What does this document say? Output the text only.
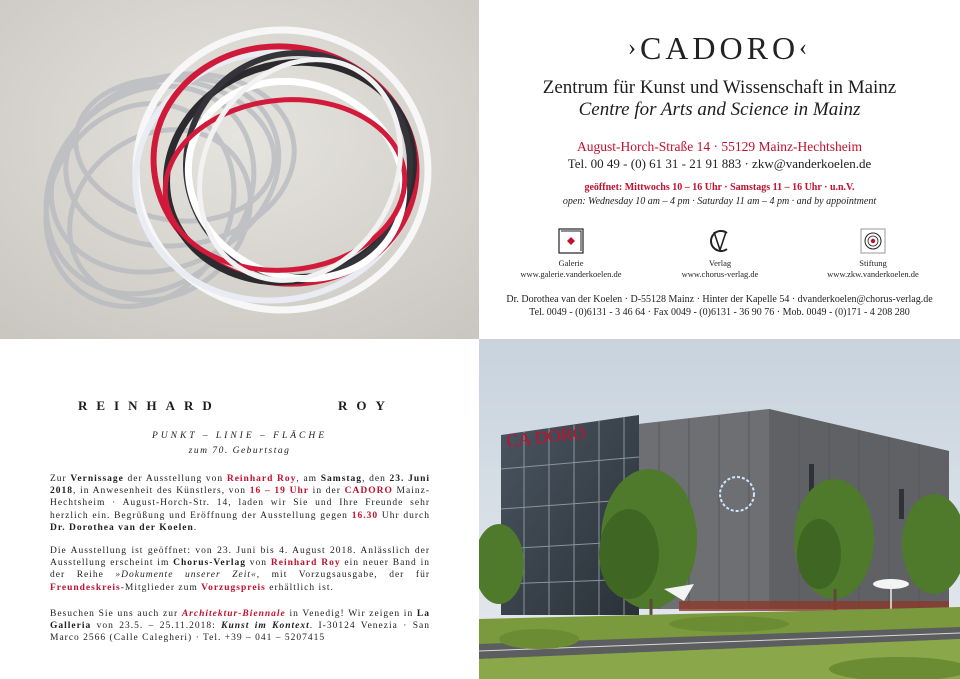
›CADORO‹
Zentrum für Kunst und Wissenschaft in Mainz
Centre for Arts and Science in Mainz
August-Horch-Straße 14 · 55129 Mainz-Hechtsheim
Tel. 00 49 - (0) 61 31 - 21 91 883 · zkw@vanderkoelen.de
geöffnet: Mittwochs 10 – 16 Uhr · Samstags 11 – 16 Uhr · u.n.V.
open: Wednesday 10 am – 4 pm · Saturday 11 am – 4 pm · and by appointment
Galerie
www.galerie.vanderkoelen.de
Verlag
www.chorus-verlag.de
Stiftung
www.zkw.vanderkoelen.de
Dr. Dorothea van der Koelen · D-55128 Mainz · Hinter der Kapelle 54 · dvanderkoelen@chorus-verlag.de
Tel. 0049 - (0)6131 - 3 46 64 · Fax 0049 - (0)6131 - 36 90 76 · Mob. 0049 - (0)171 - 4 208 280
REINHARD	ROY
PUNKT – LINIE – FLÄCHE
zum 70. Geburtstag
Zur Vernissage der Ausstellung von Reinhard Roy, am Samstag, den 23. Juni 2018, in Anwesenheit des Künstlers, von 16 – 19 Uhr in der CADORO Mainz-Hechtsheim · August-Horch-Str. 14, laden wir Sie und Ihre Freunde sehr herzlich ein. Begrüßung und Eröffnung der Ausstellung gegen 16.30 Uhr durch Dr. Dorothea van der Koelen.
Die Ausstellung ist geöffnet: von 23. Juni bis 4. August 2018. Anlässlich der Ausstellung erscheint im Chorus-Verlag von Reinhard Roy ein neuer Band in der Reihe »Dokumente unserer Zeit«, mit Vorzugsausgabe, der für Freundeskreis-Mitglieder zum Vorzugspreis erhältlich ist.
Besuchen Sie uns auch zur Architektur-Biennale in Venedig! Wir zeigen in La Galleria von 23.5. – 25.11.2018: Kunst im Kontext. I-30124 Venezia · San Marco 2566 (Calle Calegheri) · Tel. +39 – 041 – 5207415
CA DORO
